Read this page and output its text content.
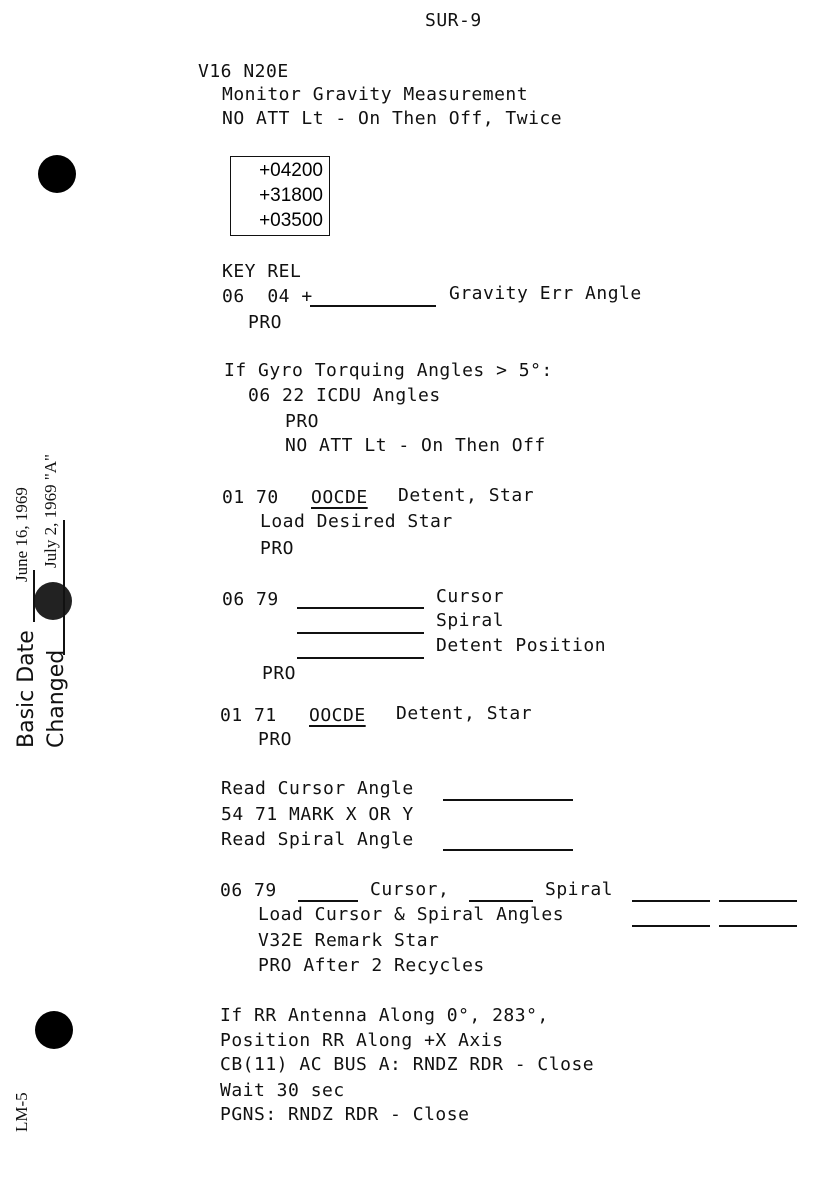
SUR-9
V16 N20E
Monitor Gravity Measurement
NO ATT Lt - On Then Off, Twice
+04200
+31800
+03500
KEY REL
06  04 +	Gravity Err Angle
PRO
If Gyro Torquing Angles > 5°:
06 22 ICDU Angles
PRO
NO ATT Lt - On Then Off
01 70 OOCDE Detent, Star
Load Desired Star
PRO
06 79	Cursor
Spiral
Detent Position
PRO
01 71 OOCDE Detent, Star
PRO
Read Cursor Angle
54 71 MARK X OR Y
Read Spiral Angle
06 79	Cursor,	Spiral
Load Cursor & Spiral Angles
V32E Remark Star
PRO After 2 Recycles
If RR Antenna Along 0°, 283°,
Position RR Along +X Axis
CB(11) AC BUS A: RNDZ RDR - Close
Wait 30 sec
PGNS: RNDZ RDR - Close
Basic Date
June 16, 1969
Changed
July 2, 1969 "A"
LM-5
